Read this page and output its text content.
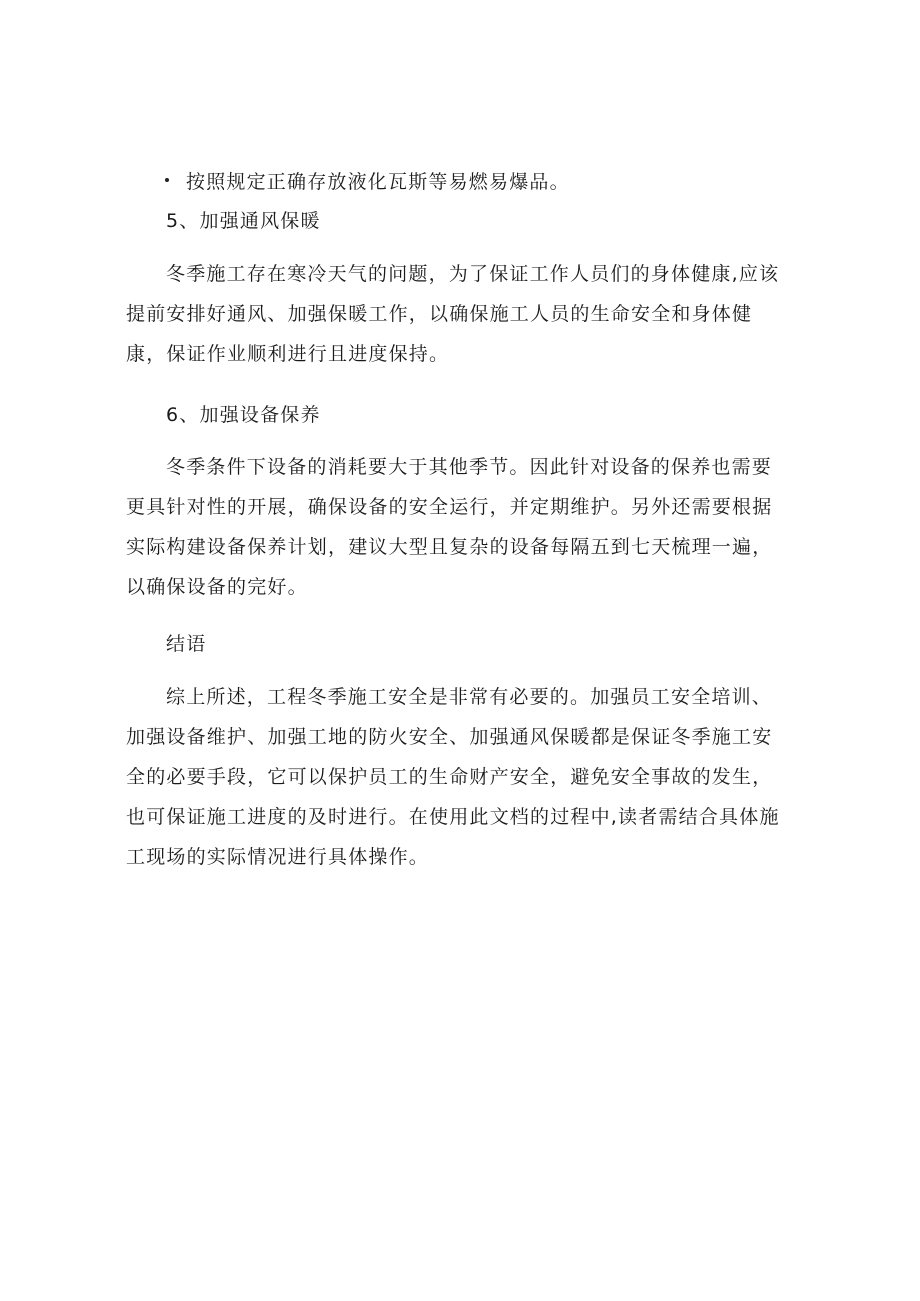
按照规定正确存放液化瓦斯等易燃易爆品。
5、加强通风保暖
冬季施工存在寒冷天气的问题，为了保证工作人员们的身体健康,应该
提前安排好通风、加强保暖工作，以确保施工人员的生命安全和身体健
康，保证作业顺利进行且进度保持。
6、加强设备保养
冬季条件下设备的消耗要大于其他季节。因此针对设备的保养也需要
更具针对性的开展，确保设备的安全运行，并定期维护。另外还需要根据
实际构建设备保养计划，建议大型且复杂的设备每隔五到七天梳理一遍，
以确保设备的完好。
结语
综上所述，工程冬季施工安全是非常有必要的。加强员工安全培训、
加强设备维护、加强工地的防火安全、加强通风保暖都是保证冬季施工安
全的必要手段，它可以保护员工的生命财产安全，避免安全事故的发生，
也可保证施工进度的及时进行。在使用此文档的过程中,读者需结合具体施
工现场的实际情况进行具体操作。
